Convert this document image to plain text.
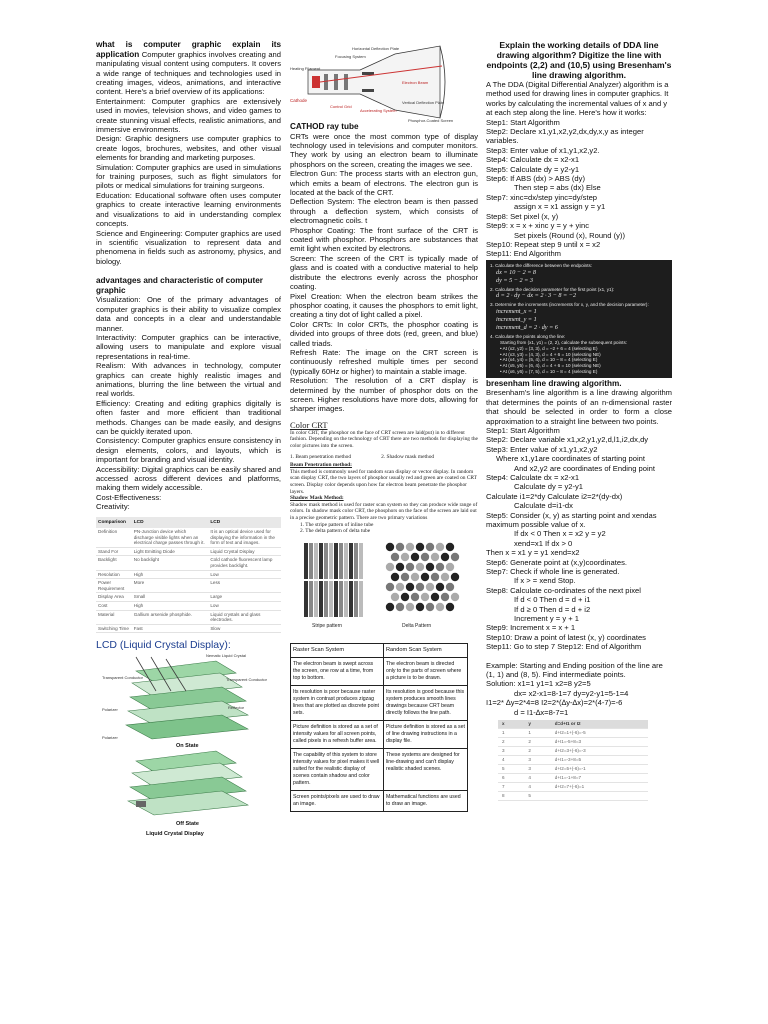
what is computer graphic explain its application Computer graphics involves creating and manipulating visual content using computers. It covers a wide range of techniques and technologies used in creating images, videos, animations, and interactive content. Here's a brief overview of its applications:

Entertainment: Computer graphics are extensively used in movies, television shows, and video games to create stunning visual effects, realistic animations, and immersive environments.

Design: Graphic designers use computer graphics to create logos, brochures, websites, and other visual elements for branding and marketing purposes.

Simulation: Computer graphics are used in simulations for training purposes, such as flight simulators for pilots or medical simulations for training surgeons.

Education: Educational software often uses computer graphics to create interactive learning environments and visualizations to aid in understanding complex concepts.

Science and Engineering: Computer graphics are used in scientific visualization to represent data and phenomena in fields such as astronomy, physics, and biology.

advantages and characteristic of computer graphic

Visualization: One of the primary advantages of computer graphics is their ability to visualize complex data and concepts in a clear and understandable manner.

Interactivity: Computer graphics can be interactive, allowing users to manipulate and explore visual representations in real-time.

Realism: With advances in technology, computer graphics can create highly realistic images and animations, blurring the line between the virtual and real worlds.

Efficiency: Creating and editing graphics digitally is often faster and more efficient than traditional methods. Changes can be made easily, and designs can be quickly iterated upon.

Consistency: Computer graphics ensure consistency in design elements, colors, and layouts, which is important for branding and visual identity.

Accessibility: Digital graphics can be easily shared and accessed across different devices and platforms, making them widely accessible.

Cost-Effectiveness:

Creativity:

Comparison	LCD	LCD
Definition	PN-Junction device which discharge visible lights when an electrical charge passes through it.	It is an optical device used for displaying the information in the form of text and images.
Stand For	Light Emitting Diode	Liquid Crystal Display
Backlight	No backlight	Cold cathode fluorescent lamp provides backlight.
Resolution	High	Low
Power Requirement	More	Less
Display Area	Small	Large
Cost	High	Low
Material	Gallium arsenide phosphide.	Liquid crystals and glass electrodes.
Switching Time	Fast	Slow

LCD (Liquid Crystal Display):

Transparent Conductor
Polarizer
Nematic Liquid Crystal
Transparent Conductor
Reflector
Polarizer
On State
Off State
Liquid Crystal Display
Horizontal Deflection Plate
Focusing System
Heating Filament
Cathode
Electron Beam
Control Grid
Accelerating System
Vertical Deflection Plate
Phosphor-Coated Screen

CATHOD ray tube

CRTs were once the most common type of display technology used in televisions and computer monitors. They work by using an electron beam to illuminate phosphors on the screen, creating the images we see.

Electron Gun: The process starts with an electron gun, which emits a beam of electrons. The electron gun is located at the back of the CRT.

Deflection System: The electron beam is then passed through a deflection system, which consists of electromagnetic coils. t

Phosphor Coating: The front surface of the CRT is coated with phosphor. Phosphors are substances that emit light when excited by electrons.

Screen: The screen of the CRT is typically made of glass and is coated with a conductive material to help distribute the electrons evenly across the phosphor coating.

Pixel Creation: When the electron beam strikes the phosphor coating, it causes the phosphors to emit light, creating a tiny dot of light called a pixel.

Color CRTs: In color CRTs, the phosphor coating is divided into groups of three dots (red, green, and blue) called triads.

Refresh Rate: The image on the CRT screen is continuously refreshed multiple times per second (typically 60Hz or higher) to maintain a stable image.

Resolution: The resolution of a CRT display is determined by the number of phosphor dots on the screen. Higher resolutions have more dots, allowing for sharper images.

Color CRT

In color CRT, the phosphor on the face of CRT screen are laid(put) in to different fashion. Depending on the technology of CRT there are two methods for displaying the color pictures into the screen.

1. Beam penetration method	2. Shadow mask method

Beam Penetration method:

This method is commonly used for random scan display or vector display. In random scan display CRT, the two layers of phosphor usually red and green are coated on CRT screen. Display color depends upon how far electron beam penetrate the phosphor layers.

Shadow Mask Method:

Shadow mask method is used for raster scan system so they can produce wide range of colors. In shadow mask color CRT, the phosphors on the face of the screen are laid out in a precise geometric pattern. There are two primary variations

1. The stripe pattern of inline tube

2. The delta pattern of delta tube

Stripe pattern	Delta Pattern
Raster Scan System	Random Scan System
The electron beam is swept across the screen, one row at a time, from top to bottom.	The electron beam is directed only to the parts of screen where a picture is to be drawn.
Its resolution is poor because raster system in contrast produces zigzag lines that are plotted as discrete point sets.	Its resolution is good because this system produces smooth lines drawings because CRT beam directly follows the line path.
Picture definition is stored as a set of intensity values for all screen points, called pixels in a refresh buffer area.	Picture definition is stored as a set of line drawing instructions in a display file.
The capability of this system to store intensity values for pixel makes it well suited for the realistic display of scenes contain shadow and color pattern.	These systems are designed for line-drawing and can't display realistic shaded scenes.
Screen points/pixels are used to draw an image.	Mathematical functions are used to draw an image.

Explain the working details of DDA line drawing algorithm? Digitize the line with endpoints (2,2) and (10,5) using Bresenham's line drawing algorithm.

A The DDA (Digital Differential Analyzer) algorithm is a method used for drawing lines in computer graphics. It works by calculating the incremental values of x and y at each step along the line. Here's how it works:

Step1: Start Algorithm

Step2: Declare x1,y1,x2,y2,dx,dy,x,y as integer variables.

Step3: Enter value of x1,y1,x2,y2.

Step4: Calculate dx = x2-x1

Step5: Calculate dy = y2-y1

Step6: If ABS (dx) > ABS (dy)

Then step = abs (dx) Else

Step7: xinc=dx/step yinc=dy/step

assign x = x1 assign y = y1

Step8: Set pixel (x, y)

Step9: x = x + xinc y = y + yinc

Set pixels (Round (x), Round (y))

Step10: Repeat step 9 until x = x2

Step11: End Algorithm

1. Calculate the difference between the endpoints:
dx = 10 − 2 = 8
dy = 5 − 2 = 3
2. Calculate the decision parameter for the first point (x1, y1):
d = 2 · dy − dx = 2 · 3 − 8 = −2
3. Determine the increments (increments for x, y, and the decision parameter):
increment_x = 1
increment_y = 1
increment_d = 2 · dy = 6
4. Calculate the points along the line:
Starting from (x1, y1) = (2, 2), calculate the subsequent points:
• At (x2, y2) = (3, 3), d = −2 + 6 = 4 (selecting E)
• At (x3, y3) = (4, 3), d = 4 + 6 = 10 (selecting NE)
• At (x4, y4) = (5, 4), d = 10 − 8 = 4 (selecting E)
• At (x5, y5) = (6, 4), d = 4 + 6 = 10 (selecting NE)
• At (x6, y6) = (7, 5), d = 10 − 8 = 4 (selecting E)

bresenham line drawing algorithm.

Bresenham's line algorithm is a line drawing algorithm that determines the points of an n-dimensional raster that should be selected in order to form a close approximation to a straight line between two points.

Step1: Start Algorithm

Step2: Declare variable x1,x2,y1,y2,d,l1,i2,dx,dy

Step3: Enter value of x1,y1,x2,y2

Where x1,y1are coordinates of starting point

And x2,y2 are coordinates of Ending point

Step4: Calculate dx = x2-x1

Calculate dy = y2-y1

Calculate i1=2*dy Calculate i2=2*(dy-dx)

Calculate d=i1-dx

Step5: Consider (x, y) as starting point and xendas maximum possible value of x.

If dx < 0 Then x = x2 y = y2

xend=x1 If dx > 0

Then x = x1 y = y1 xend=x2

Step6: Generate point at (x,y)coordinates.

Step7: Check if whole line is generated.

If x > = xend Stop.

Step8: Calculate co-ordinates of the next pixel

If d < 0 Then d = d + i1

If d ≥ 0 Then d = d + i2

Increment y = y + 1

Step9: Increment x = x + 1

Step10: Draw a point of latest (x, y) coordinates

Step11: Go to step 7 Step12: End of Algorithm

Example: Starting and Ending position of the line are (1, 1) and (8, 5). Find intermediate points.

Solution: x1=1 y1=1 x2=8 y2=5

dx= x2-x1=8-1=7 dy=y2-y1=5-1=4

I1=2* ∆y=2*4=8 I2=2*(∆y-∆x)=2*(4-7)=-6

d = I1-∆x=8-7=1

x	y	d=d+I1 or I2
1	1	d+I2=1+(-6)=-5
2	2	d+I1=-5+8=3
3	2	d+I2=3+(-6)=-3
4	3	d+I1=-3+8=5
5	3	d+I2=5+(-6)=-1
6	4	d+I1=-1+8=7
7	4	d+I2=7+(-6)=1
8	5	
